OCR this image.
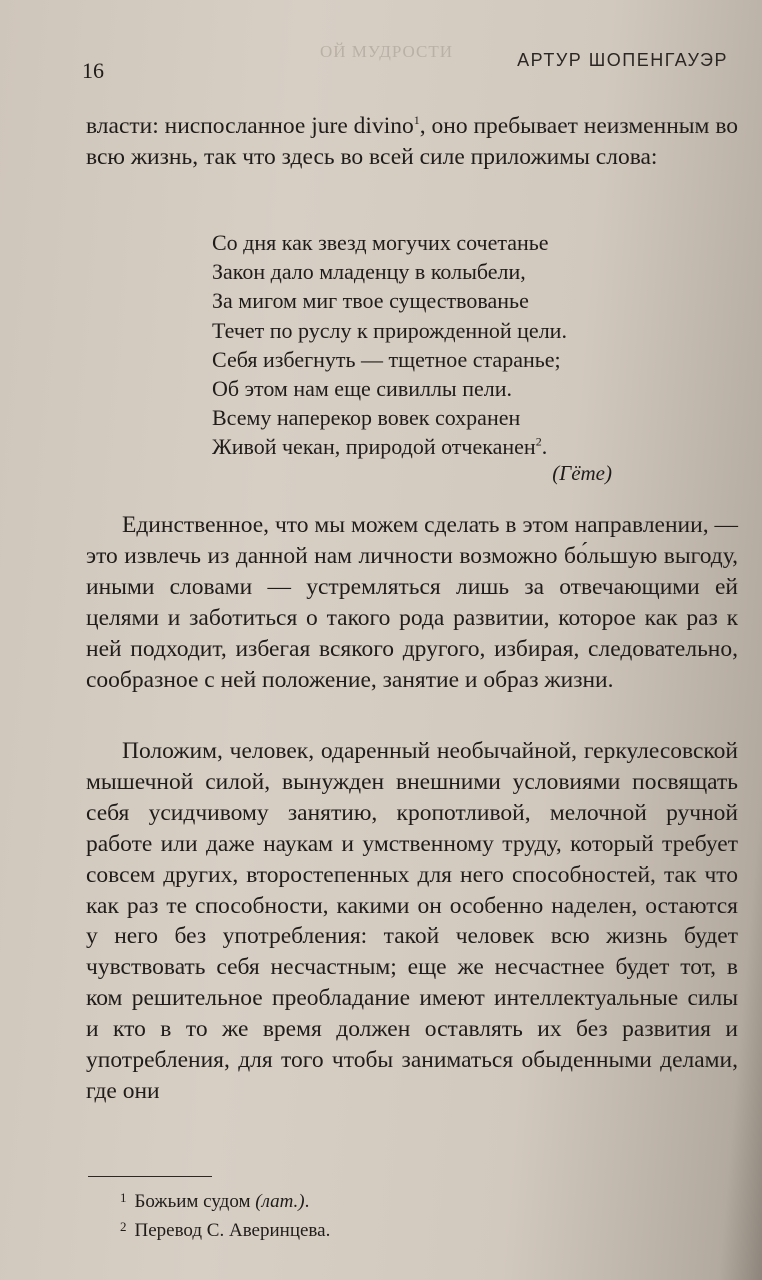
ОЙ МУДРОСТИ
16	АРТУР ШОПЕНГАУЭР

власти: ниспосланное jure divino$^1$, оно пребывает неизменным во всю жизнь, так что здесь во всей силе приложимы слова:

Со дня как звезд могучих сочетанье
Закон дало младенцу в колыбели,
За мигом миг твое существованье
Течет по руслу к прирожденной цели.
Себя избегнуть — тщетное старанье;
Об этом нам еще сивиллы пели.
Всему наперекор вовек сохранен
Живой чекан, природой отчеканен$^2$.
(Гёте)

Единственное, что мы можем сделать в этом направлении, — это извлечь из данной нам личности возможно бо́льшую выгоду, иными словами — устремляться лишь за отвечающими ей целями и заботиться о такого рода развитии, которое как раз к ней подходит, избегая всякого другого, избирая, следовательно, сообразное с ней положение, занятие и образ жизни.

Положим, человек, одаренный необычайной, геркулесовской мышечной силой, вынужден внешними условиями посвящать себя усидчивому занятию, кропотливой, мелочной ручной работе или даже наукам и умственному труду, который требует совсем других, второстепенных для него способностей, так что как раз те способности, какими он особенно наделен, остаются у него без употребления: такой человек всю жизнь будет чувствовать себя несчастным; еще же несчастнее будет тот, в ком решительное преобладание имеют интеллектуальные силы и кто в то же время должен оставлять их без развития и употребления, для того чтобы заниматься обыденными делами, где они

1 Божьим судом (лат.).
2 Перевод С. Аверинцева.
